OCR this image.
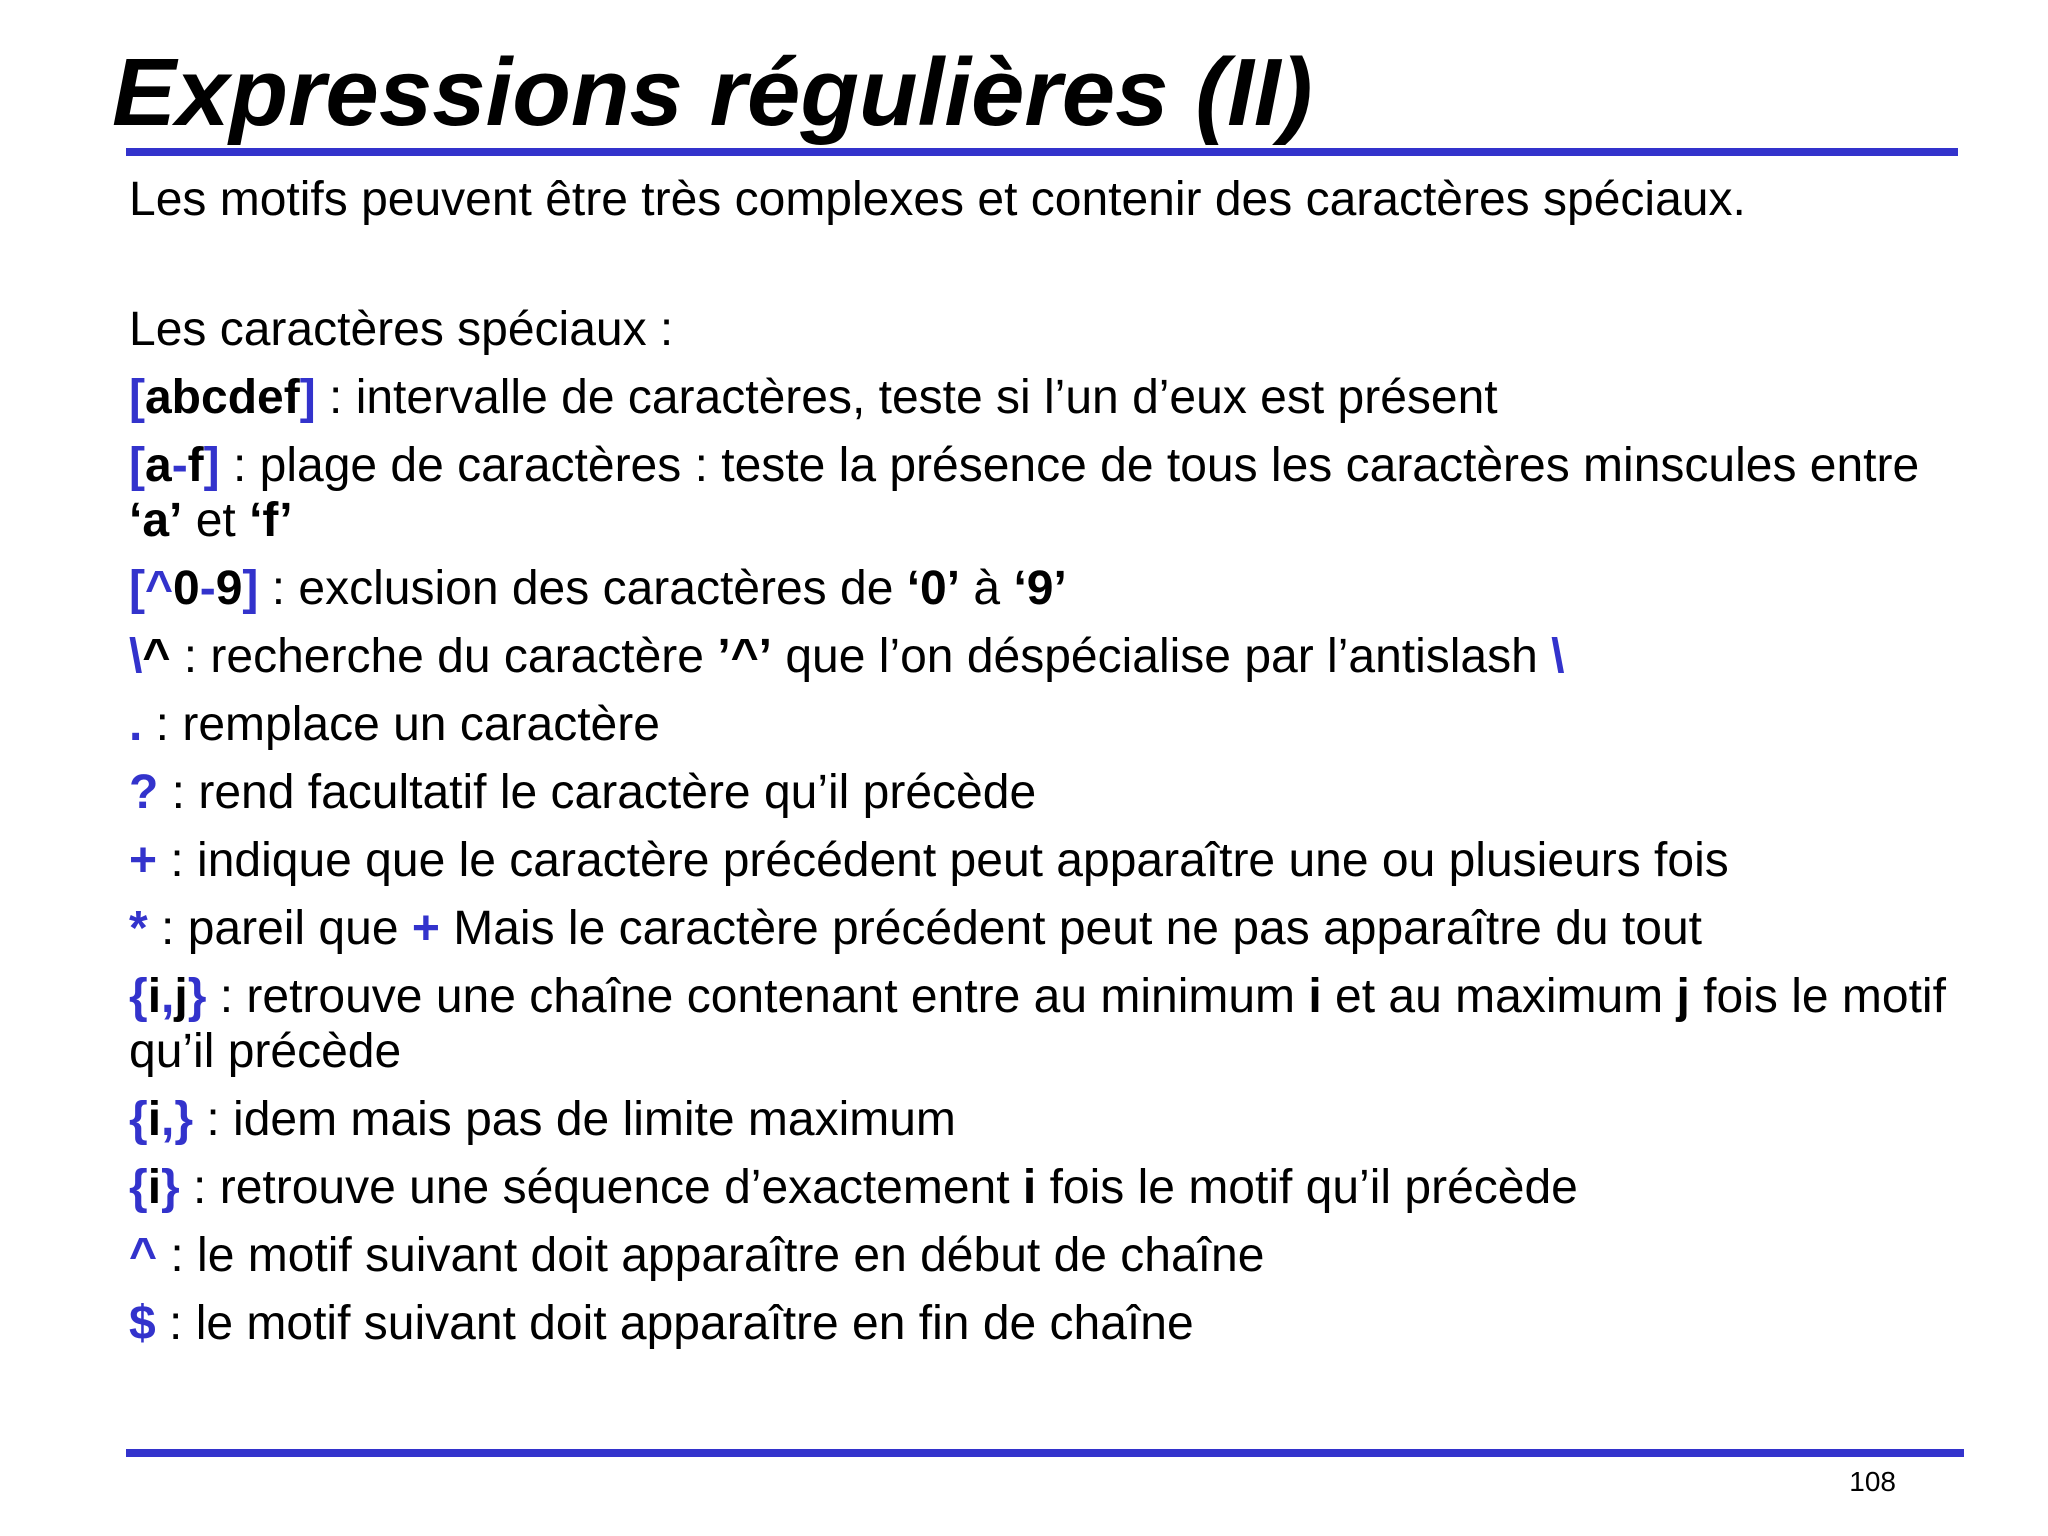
Expressions régulières (II)

Les motifs peuvent être très complexes et contenir des caractères spéciaux.

Les caractères spéciaux :

[abcdef] : intervalle de caractères, teste si l’un d’eux est présent

[a-f] : plage de caractères : teste la présence de tous les caractères minscules entre ‘a’ et ‘f’

[^0-9] : exclusion des caractères de ‘0’ à ‘9’

\^ : recherche du caractère ’^’ que l’on déspécialise par l’antislash \

. : remplace un caractère

? : rend facultatif le caractère qu’il précède

+ : indique que le caractère précédent peut apparaître une ou plusieurs fois

* : pareil que + Mais le caractère précédent peut ne pas apparaître du tout

{i,j} : retrouve une chaîne contenant entre au minimum i et au maximum j fois le motif qu’il précède

{i,} : idem mais pas de limite maximum

{i} : retrouve une séquence d’exactement i fois le motif qu’il précède

^ : le motif suivant doit apparaître en début de chaîne

$ : le motif suivant doit apparaître en fin de chaîne

108
